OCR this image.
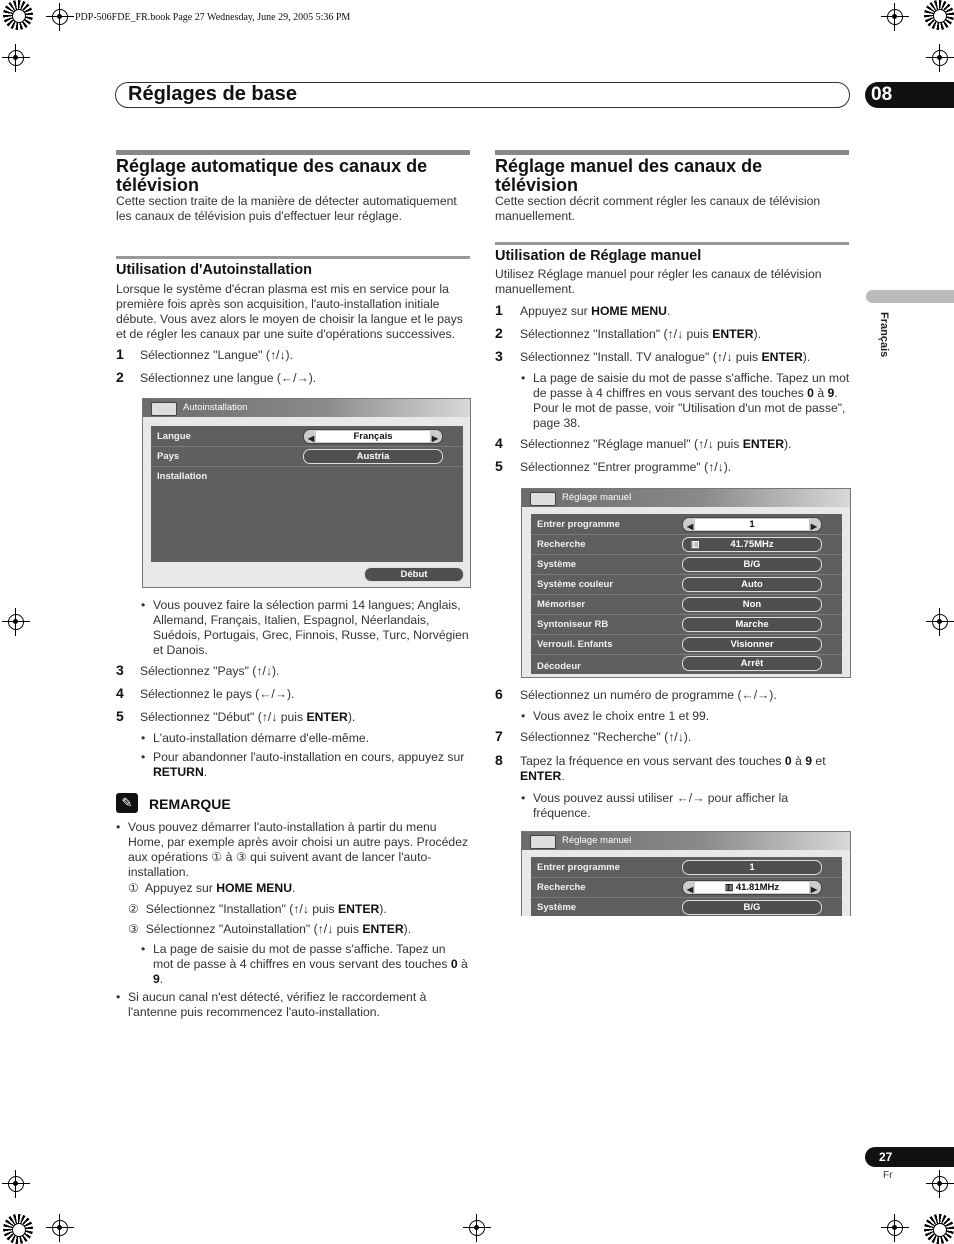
PDP-506FDE_FR.book Page 27 Wednesday, June 29, 2005 5:36 PM
Réglages de base	08
Français
Réglage automatique des canaux de télévision
Cette section traite de la manière de détecter automatiquement les canaux de télévision puis d'effectuer leur réglage.
Utilisation d'Autoinstallation
Lorsque le système d'écran plasma est mis en service pour la première fois après son acquisition, l'auto-installation initiale débute. Vous avez alors le moyen de choisir la langue et le pays et de régler les canaux par une suite d'opérations successives.
1 Sélectionnez "Langue" (↑/↓).
2 Sélectionnez une langue (←/→).
Autoinstallation
Langue	◀	Français	▶
Pays	Austria
Installation
Début
• Vous pouvez faire la sélection parmi 14 langues; Anglais, Allemand, Français, Italien, Espagnol, Néerlandais, Suédois, Portugais, Grec, Finnois, Russe, Turc, Norvégien et Danois.
3 Sélectionnez "Pays" (↑/↓).
4 Sélectionnez le pays (←/→).
5 Sélectionnez "Début" (↑/↓ puis ENTER).
• L'auto-installation démarre d'elle-même.
• Pour abandonner l'auto-installation en cours, appuyez sur RETURN.
✎	REMARQUE
• Vous pouvez démarrer l'auto-installation à partir du menu Home, par exemple après avoir choisi un autre pays. Procédez aux opérations ① à ③ qui suivent avant de lancer l'auto-installation.
① Appuyez sur HOME MENU.
② Sélectionnez "Installation" (↑/↓ puis ENTER).
③ Sélectionnez "Autoinstallation" (↑/↓ puis ENTER).
• La page de saisie du mot de passe s'affiche. Tapez un mot de passe à 4 chiffres en vous servant des touches 0 à 9.
• Si aucun canal n'est détecté, vérifiez le raccordement à l'antenne puis recommencez l'auto-installation.
Réglage manuel des canaux de télévision
Cette section décrit comment régler les canaux de télévision manuellement.
Utilisation de Réglage manuel
Utilisez Réglage manuel pour régler les canaux de télévision manuellement.
1 Appuyez sur HOME MENU.
2 Sélectionnez "Installation" (↑/↓ puis ENTER).
3 Sélectionnez "Install. TV analogue" (↑/↓ puis ENTER).
• La page de saisie du mot de passe s'affiche. Tapez un mot de passe à 4 chiffres en vous servant des touches 0 à 9. Pour le mot de passe, voir "Utilisation d'un mot de passe", page 38.
4 Sélectionnez "Réglage manuel" (↑/↓ puis ENTER).
5 Sélectionnez "Entrer programme" (↑/↓).
Réglage manuel
Entrer programme	◀	1	▶
Recherche	▥	41.75MHz
Système	B/G
Système couleur	Auto
Mémoriser	Non
Syntoniseur RB	Marche
Verrouil. Enfants	Visionner
Décodeur	Arrêt
6 Sélectionnez un numéro de programme (←/→).
• Vous avez le choix entre 1 et 99.
7 Sélectionnez "Recherche" (↑/↓).
8 Tapez la fréquence en vous servant des touches 0 à 9 et ENTER.
• Vous pouvez aussi utiliser ←/→ pour afficher la fréquence.
Réglage manuel
Entrer programme	1
Recherche	◀	▥ 41.81MHz	▶
Système	B/G
27
Fr
